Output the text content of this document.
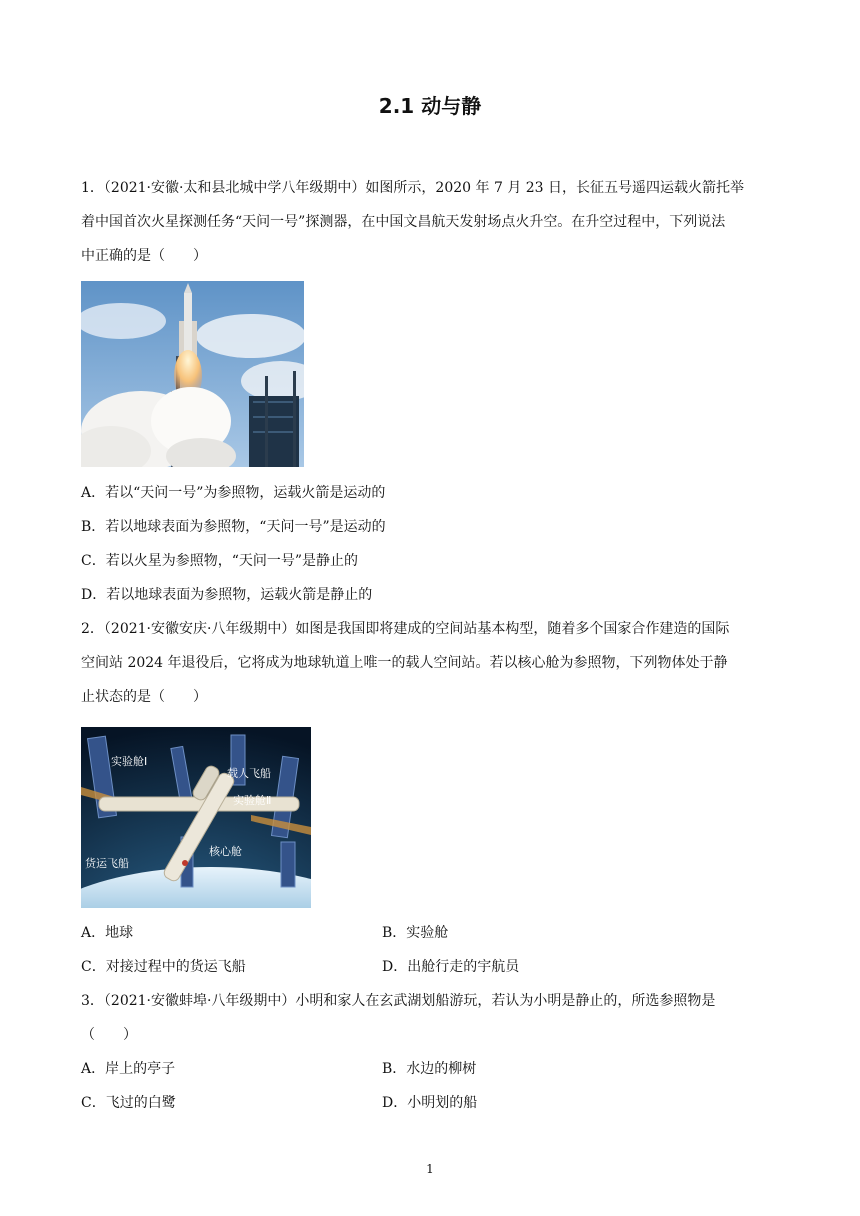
2.1 动与静
1．（2021·安徽·太和县北城中学八年级期中）如图所示，2020 年 7 月 23 日，长征五号遥四运载火箭托举
着中国首次火星探测任务“天问一号”探测器，在中国文昌航天发射场点火升空。在升空过程中，下列说法
中正确的是（　　）
A．若以“天问一号”为参照物，运载火箭是运动的
B．若以地球表面为参照物，“天问一号”是运动的
C．若以火星为参照物，“天问一号”是静止的
D．若以地球表面为参照物，运载火箭是静止的
2．（2021·安徽安庆·八年级期中）如图是我国即将建成的空间站基本构型，随着多个国家合作建造的国际
空间站 2024 年退役后，它将成为地球轨道上唯一的载人空间站。若以核心舱为参照物，下列物体处于静
止状态的是（　　）
实验舱Ⅰ
载人飞船
实验舱Ⅱ
核心舱
货运飞船
A．地球	B．实验舱
C．对接过程中的货运飞船	D．出舱行走的宇航员
3．（2021·安徽蚌埠·八年级期中）小明和家人在玄武湖划船游玩，若认为小明是静止的，所选参照物是
（　　）
A．岸上的亭子	B．水边的柳树
C．飞过的白鹭	D．小明划的船
1
